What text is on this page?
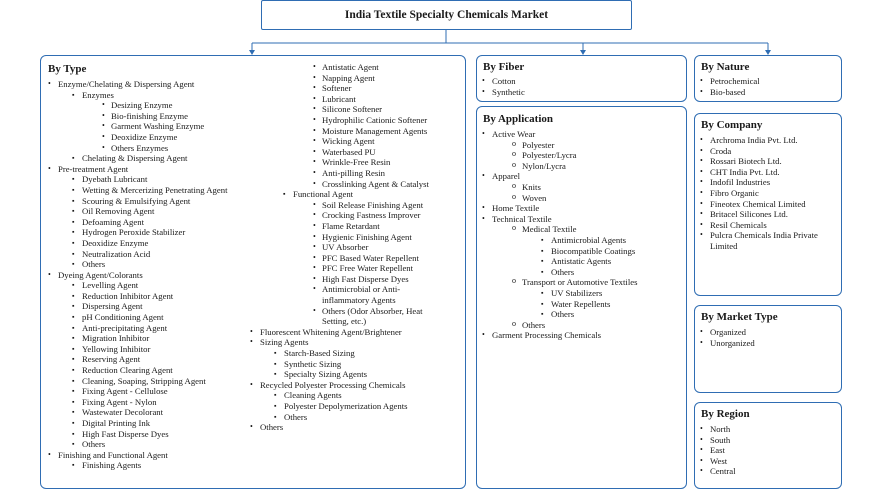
India Textile Specialty Chemicals Market
By Type
• Enzyme/Chelating & Dispersing Agent
▪ Enzymes
• Desizing Enzyme
• Bio-finishing Enzyme
• Garment Washing Enzyme
• Deoxidize Enzyme
• Others Enzymes
▪ Chelating & Dispersing Agent
• Pre-treatment Agent
▪ Dyebath Lubricant
▪ Wetting & Mercerizing Penetrating Agent
▪ Scouring & Emulsifying Agent
▪ Oil Removing Agent
▪ Defoaming Agent
▪ Hydrogen Peroxide Stabilizer
▪ Deoxidize Enzyme
▪ Neutralization Acid
▪ Others
• Dyeing Agent/Colorants
▪ Levelling Agent
▪ Reduction Inhibitor Agent
▪ Dispersing Agent
▪ pH Conditioning Agent
▪ Anti-precipitating Agent
▪ Migration Inhibitor
▪ Yellowing Inhibitor
▪ Reserving Agent
▪ Reduction Clearing Agent
▪ Cleaning, Soaping, Stripping Agent
▪ Fixing Agent - Cellulose
▪ Fixing Agent - Nylon
▪ Wastewater Decolorant
▪ Digital Printing Ink
▪ High Fast Disperse Dyes
▪ Others
• Finishing and Functional Agent
▪ Finishing Agents
• Antistatic Agent
• Napping Agent
• Softener
• Lubricant
• Silicone Softener
• Hydrophilic Cationic Softener
• Moisture Management Agents
• Wicking Agent
• Waterbased PU
• Wrinkle-Free Resin
• Anti-pilling Resin
• Crosslinking Agent & Catalyst
▪ Functional Agent
• Soil Release Finishing Agent
• Crocking Fastness Improver
• Flame Retardant
• Hygienic Finishing Agent
• UV Absorber
• PFC Based Water Repellent
• PFC Free Water Repellent
• High Fast Disperse Dyes
• Antimicrobial or Anti-inflammatory Agents
• Others (Odor Absorber, Heat Setting, etc.)
• Fluorescent Whitening Agent/Brightener
• Sizing Agents
▪ Starch-Based Sizing
▪ Synthetic Sizing
▪ Specialty Sizing Agents
• Recycled Polyester Processing Chemicals
▪ Cleaning Agents
▪ Polyester Depolymerization Agents
▪ Others
• Others
By Fiber
• Cotton
• Synthetic
By Application
• Active Wear
o Polyester
o Polyester/Lycra
o Nylon/Lycra
• Apparel
o Knits
o Woven
• Home Textile
• Technical Textile
o Medical Textile
▪ Antimicrobial Agents
▪ Biocompatible Coatings
▪ Antistatic Agents
▪ Others
o Transport or Automotive Textiles
▪ UV Stabilizers
▪ Water Repellents
▪ Others
o Others
• Garment Processing Chemicals
By Nature
• Petrochemical
• Bio-based
By Company
• Archroma India Pvt. Ltd.
• Croda
• Rossari Biotech Ltd.
• CHT India Pvt. Ltd.
• Indofil Industries
• Fibro Organic
• Fineotex Chemical Limited
• Britacel Silicones Ltd.
• Resil Chemicals
• Pulcra Chemicals India Private Limited
By Market Type
• Organized
• Unorganized
By Region
• North
• South
• East
• West
• Central
